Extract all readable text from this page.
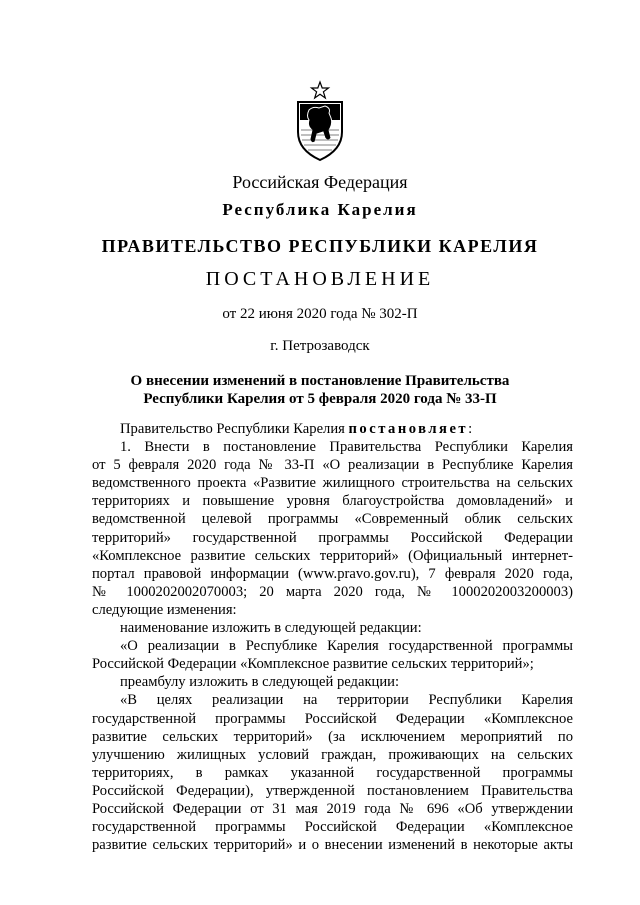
Российская Федерация
Республика Карелия
ПРАВИТЕЛЬСТВО РЕСПУБЛИКИ КАРЕЛИЯ
ПОСТАНОВЛЕНИЕ
от 22 июня 2020 года № 302-П
г. Петрозаводск
О внесении изменений в постановление Правительства
Республики Карелия от 5 февраля 2020 года № 33-П
Правительство Республики Карелия постановляет:
1. Внести в постановление Правительства Республики Карелия
от 5 февраля 2020 года № 33-П «О реализации в Республике Карелия
ведомственного проекта «Развитие жилищного строительства на сельских
территориях и повышение уровня благоустройства домовладений» и
ведомственной целевой программы «Современный облик сельских
территорий» государственной программы Российской Федерации
«Комплексное развитие сельских территорий» (Официальный интернет-
портал правовой информации (www.pravo.gov.ru), 7 февраля 2020 года,
№ 1000202002070003; 20 марта 2020 года, № 1000202003200003)
следующие изменения:
наименование изложить в следующей редакции:
«О реализации в Республике Карелия государственной программы
Российской Федерации «Комплексное развитие сельских территорий»;
преамбулу изложить в следующей редакции:
«В целях реализации на территории Республики Карелия
государственной программы Российской Федерации «Комплексное
развитие сельских территорий» (за исключением мероприятий по
улучшению жилищных условий граждан, проживающих на сельских
территориях, в рамках указанной государственной программы
Российской Федерации), утвержденной постановлением Правительства
Российской Федерации от 31 мая 2019 года № 696 «Об утверждении
государственной программы Российской Федерации «Комплексное
развитие сельских территорий» и о внесении изменений в некоторые акты
